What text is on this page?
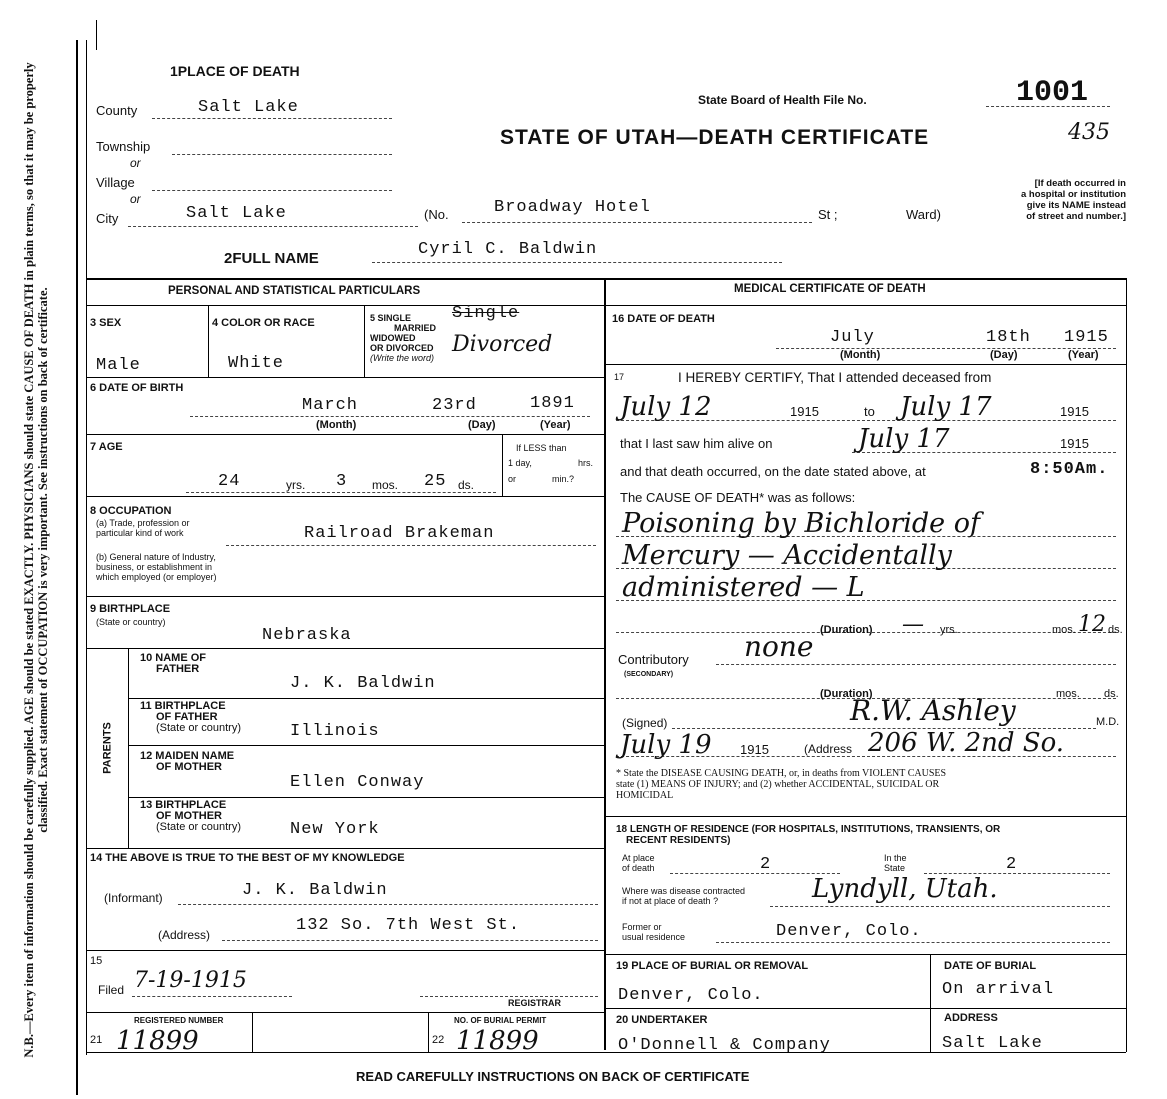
N.B.—Every item of information should be carefully supplied. AGE should be stated EXACTLY. PHYSICIANS should state CAUSE OF DEATH in plain terms, so that it may be properly classified. Exact statement of OCCUPATION is very important. See instructions on back of certificate.
1PLACE OF DEATH
County	Salt Lake
Township
or
Village
or
City	Salt Lake	(No.	Broadway Hotel	St ;	Ward)
State Board of Health File No.	1001
STATE OF UTAH—DEATH CERTIFICATE	435
[If death occurred in
a hospital or institution
give its NAME instead
of street and number.]
2FULL NAME	Cyril C. Baldwin
PERSONAL AND STATISTICAL PARTICULARS
3 SEX
Male
4 COLOR OR RACE
White
5 SINGLE
MARRIED
WIDOWED
OR DIVORCED
(Write the word)
Single
Divorced
6 DATE OF BIRTH
March	23rd	1891
(Month)	(Day)	(Year)
7 AGE
24	yrs. 3 mos. 25 ds.
If LESS than
1 day,	hrs.
or	min.?
8 OCCUPATION
(a) Trade, profession or
particular kind of work
(b) General nature of Industry,
business, or establishment in
which employed (or employer)
Railroad Brakeman
9 BIRTHPLACE
(State or country)
Nebraska
PARENTS
10 NAME OF
FATHER
J. K. Baldwin
11 BIRTHPLACE
OF FATHER
(State or country)	Illinois
12 MAIDEN NAME
OF MOTHER
Ellen Conway
13 BIRTHPLACE
OF MOTHER
(State or country)	New York
14 THE ABOVE IS TRUE TO THE BEST OF MY KNOWLEDGE
(Informant)	J. K. Baldwin
(Address)	132 So. 7th West St.
15
Filed 7-19-1915
REGISTRAR
REGISTERED NUMBER
21 11899
NO. OF BURIAL PERMIT
22 11899
MEDICAL CERTIFICATE OF DEATH
16 DATE OF DEATH
July	18th 1915
(Month)	(Day)	(Year)
17	I HEREBY CERTIFY, That I attended deceased from
July 12	1915	to July 17	1915
that I last saw him alive on	July 17	1915
and that death occurred, on the date stated above, at	8:50Am.
The CAUSE OF DEATH* was as follows:
Poisoning by Bichloride of
Mercury — Accidentally
administered — L
(Duration) — yrs.	mos. 12 ds.
Contributory
(SECONDARY)
none
(Duration)	mos. ds.
(Signed)	R.W. Ashley	M.D.
July 19 1915	(Address 206 W. 2nd So.
* State the DISEASE CAUSING DEATH, or, in deaths from VIOLENT CAUSES
state (1) MEANS OF INJURY; and (2) whether ACCIDENTAL, SUICIDAL OR
HOMICIDAL
18 LENGTH OF RESIDENCE (FOR HOSPITALS, INSTITUTIONS, TRANSIENTS, OR
RECENT RESIDENTS)
At place
of death	2	In the
State	2
Where was disease contracted
if not at place of death ?	Lyndyll, Utah.
Former or
usual residence	Denver, Colo.
19 PLACE OF BURIAL OR REMOVAL
Denver, Colo.
DATE OF BURIAL
On arrival
20 UNDERTAKER
O'Donnell & Company
ADDRESS
Salt Lake
READ CAREFULLY INSTRUCTIONS ON BACK OF CERTIFICATE
